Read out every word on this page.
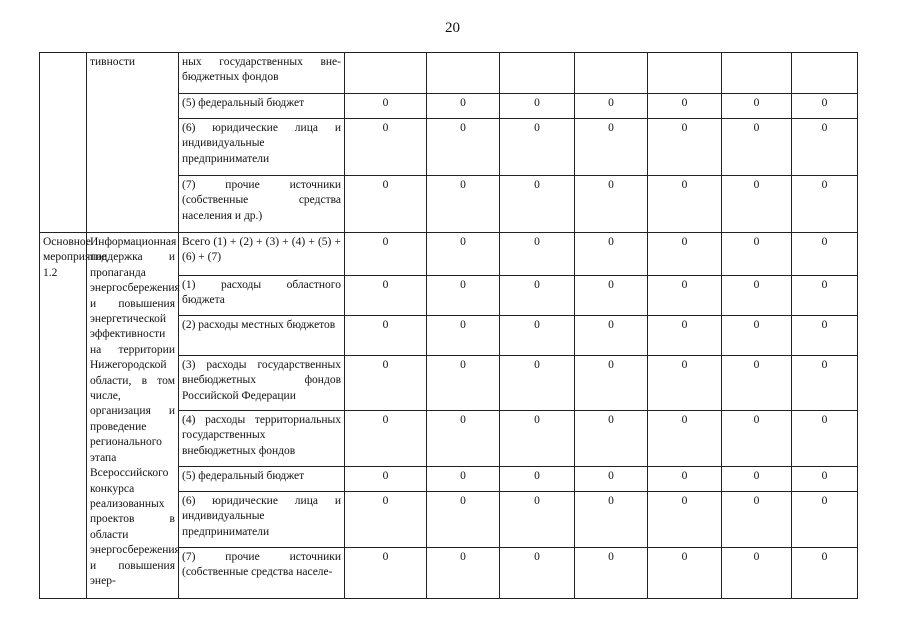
20
	тивности	ных государственных вне-бюджетных фондов							
		(5) федеральный бюджет	0	0	0	0	0	0	0
		(6) юридические лица и индивидуальные предприниматели	0	0	0	0	0	0	0
		(7) прочие источники (собственные средства населения и др.)	0	0	0	0	0	0	0
Основное мероприятие 1.2	Информационная поддержка и пропаганда энергосбережения и повышения энергетической эффективности на территории Нижегородской области, в том числе, организация и проведение регионального этапа Всероссийского конкурса реализованных проектов в области энергосбережения и повышения энер-	Всего (1) + (2) + (3) + (4) + (5) + (6) + (7)	0	0	0	0	0	0	0
		(1) расходы областного бюджета	0	0	0	0	0	0	0
		(2) расходы местных бюджетов	0	0	0	0	0	0	0
		(3) расходы государственных внебюджетных фондов Российской Федерации	0	0	0	0	0	0	0
		(4) расходы территориальных государственных внебюджетных фондов	0	0	0	0	0	0	0
		(5) федеральный бюджет	0	0	0	0	0	0	0
		(6) юридические лица и индивидуальные предприниматели	0	0	0	0	0	0	0
		(7) прочие источники (собственные средства населе-	0	0	0	0	0	0	0
